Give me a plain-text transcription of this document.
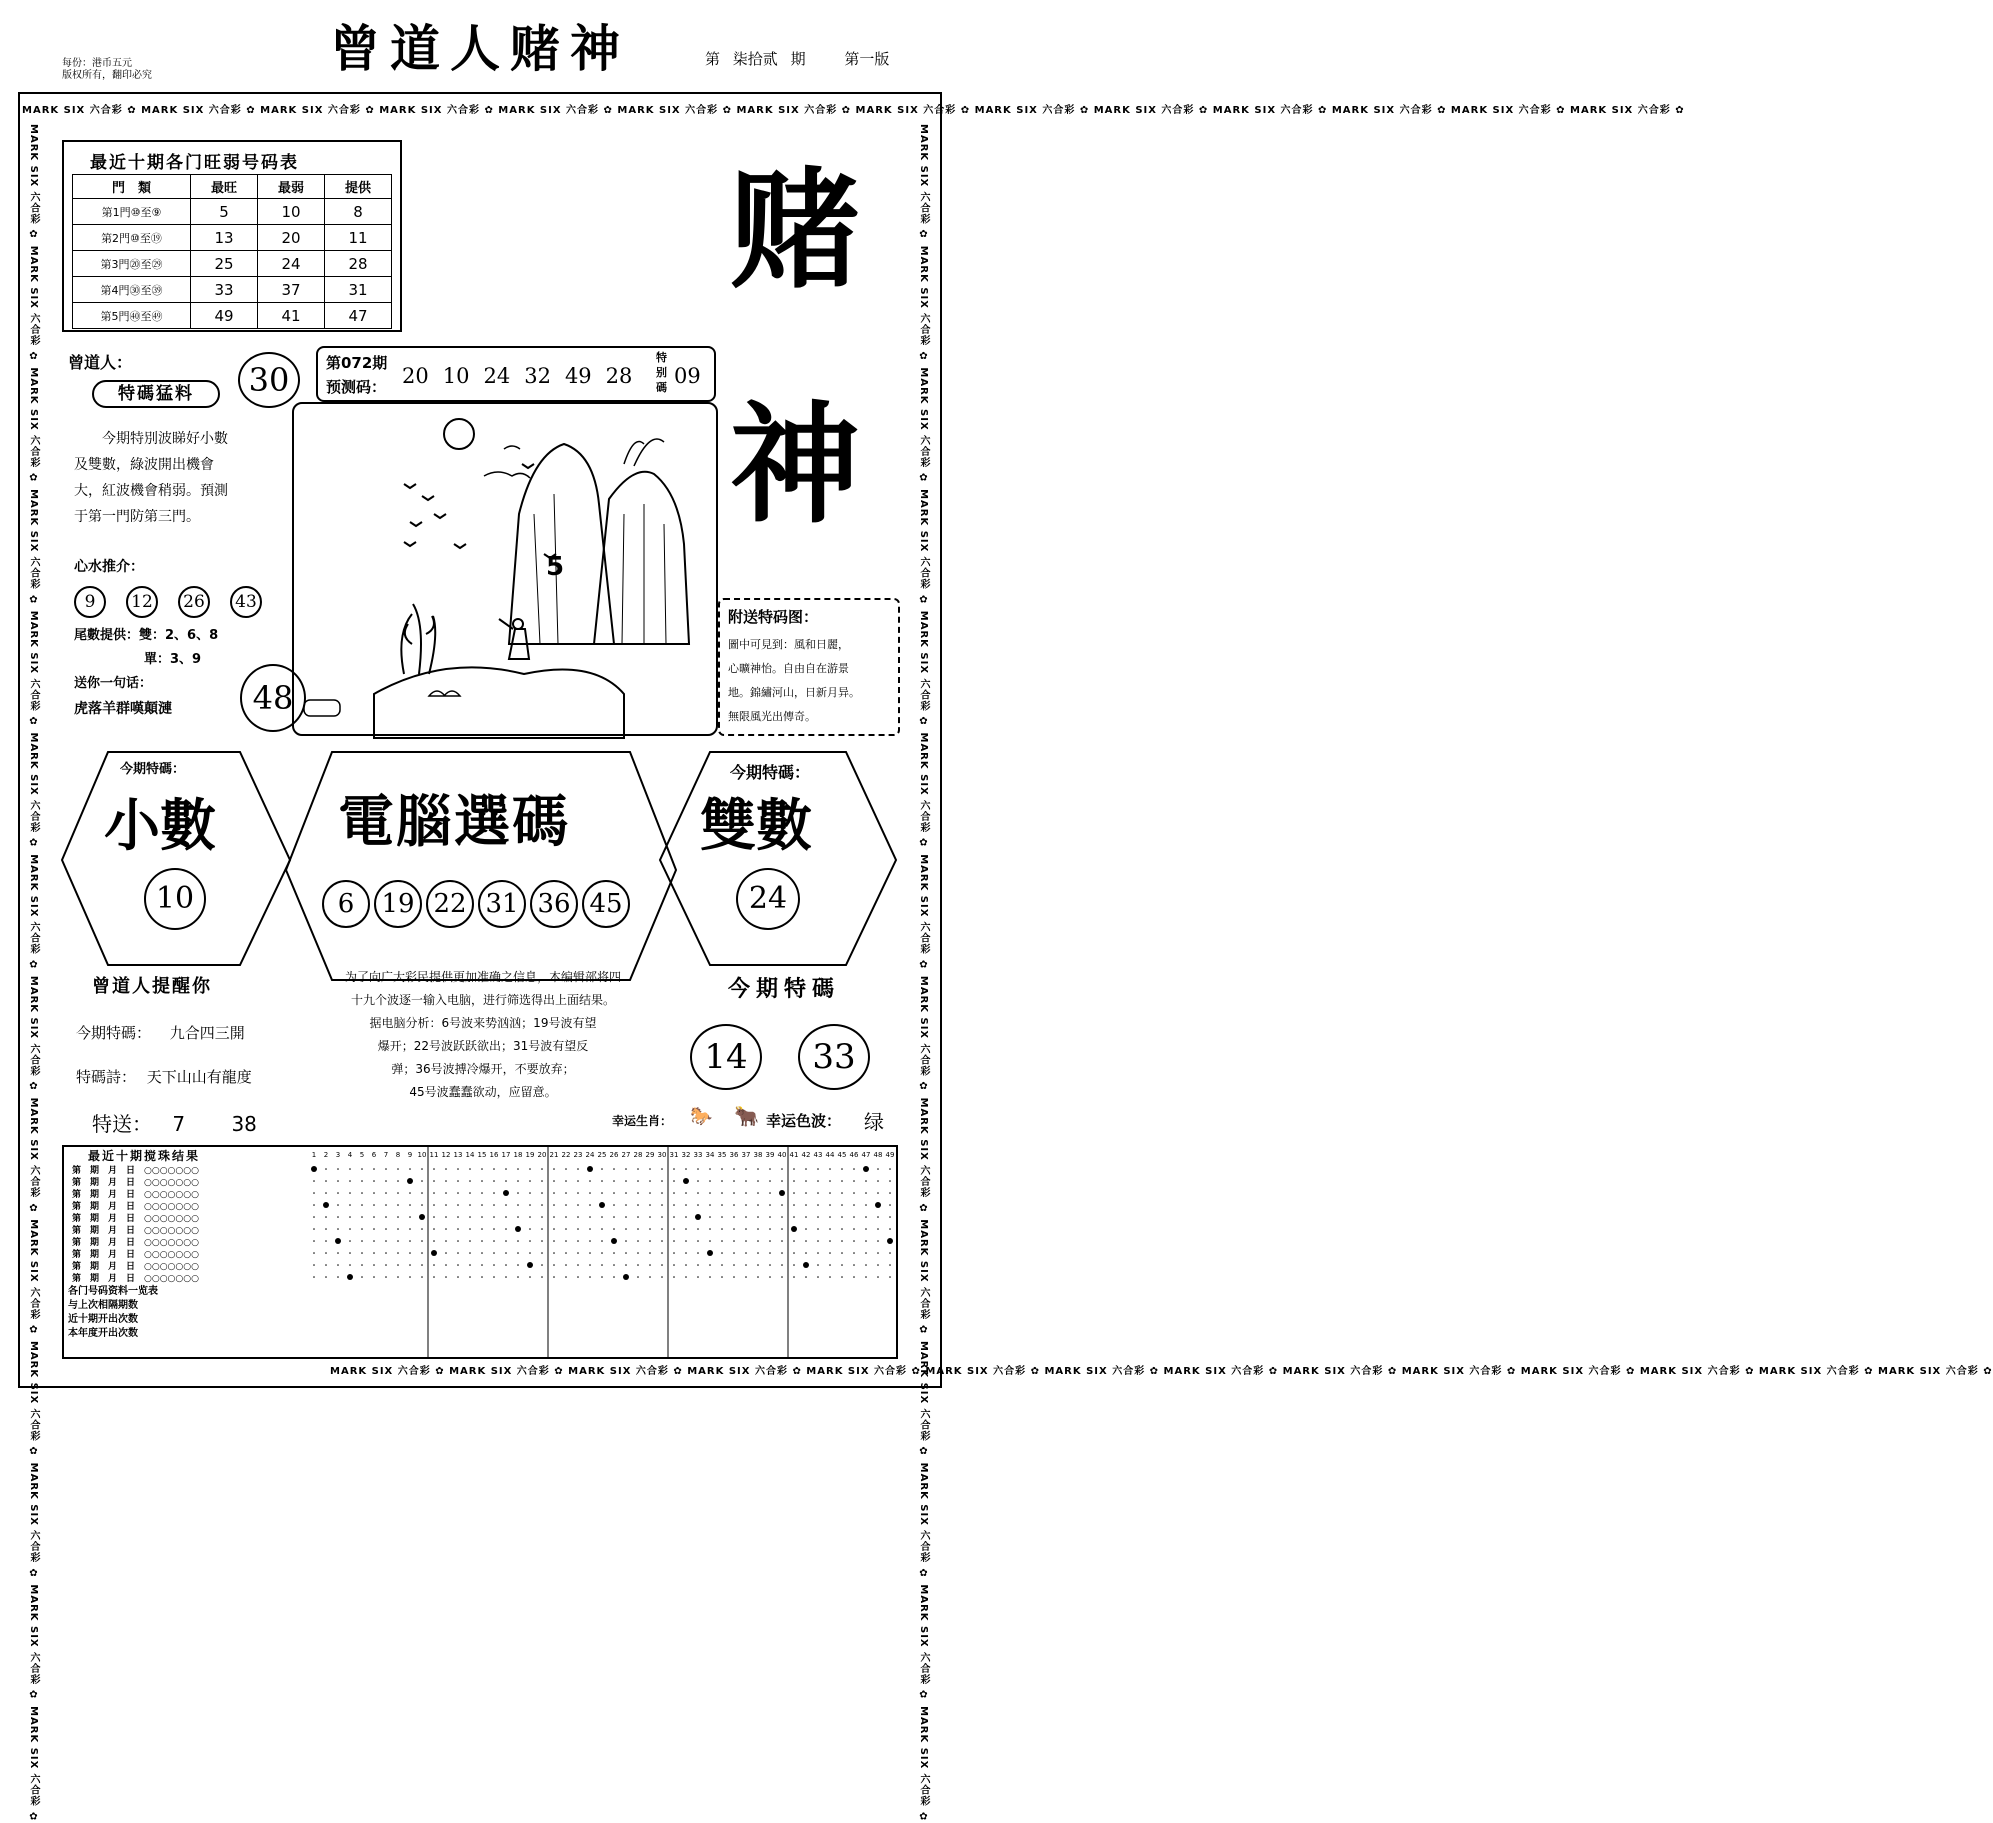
每份：港币五元
版权所有，翻印必究	曾道人赌神	第 柒拾贰 期	第一版
MARK SIX 六合彩 ✿ MARK SIX 六合彩 ✿ MARK SIX 六合彩 ✿ MARK SIX 六合彩 ✿ MARK SIX 六合彩 ✿ MARK SIX 六合彩 ✿ MARK SIX 六合彩 ✿ MARK SIX 六合彩 ✿ MARK SIX 六合彩 ✿ MARK SIX 六合彩 ✿ MARK SIX 六合彩 ✿ MARK SIX 六合彩 ✿ MARK SIX 六合彩 ✿ MARK SIX 六合彩 ✿
MARK SIX 六合彩 ✿ MARK SIX 六合彩 ✿ MARK SIX 六合彩 ✿ MARK SIX 六合彩 ✿ MARK SIX 六合彩 ✿ MARK SIX 六合彩 ✿ MARK SIX 六合彩 ✿ MARK SIX 六合彩 ✿ MARK SIX 六合彩 ✿ MARK SIX 六合彩 ✿ MARK SIX 六合彩 ✿ MARK SIX 六合彩 ✿ MARK SIX 六合彩 ✿ MARK SIX 六合彩 ✿
MARK SIX 六合彩 ✿ MARK SIX 六合彩 ✿ MARK SIX 六合彩 ✿ MARK SIX 六合彩 ✿ MARK SIX 六合彩 ✿ MARK SIX 六合彩 ✿ MARK SIX 六合彩 ✿ MARK SIX 六合彩 ✿ MARK SIX 六合彩 ✿ MARK SIX 六合彩 ✿ MARK SIX 六合彩 ✿ MARK SIX 六合彩 ✿ MARK SIX 六合彩 ✿ MARK SIX 六合彩 ✿	MARK SIX 六合彩 ✿ MARK SIX 六合彩 ✿ MARK SIX 六合彩 ✿ MARK SIX 六合彩 ✿ MARK SIX 六合彩 ✿ MARK SIX 六合彩 ✿ MARK SIX 六合彩 ✿ MARK SIX 六合彩 ✿ MARK SIX 六合彩 ✿ MARK SIX 六合彩 ✿ MARK SIX 六合彩 ✿ MARK SIX 六合彩 ✿ MARK SIX 六合彩 ✿ MARK SIX 六合彩 ✿
最近十期各门旺弱号码表
門　類	最旺	最弱	提供
第1門⑩至⑨	5	10	8
第2門⑩至⑲	13	20	11
第3門⑳至㉙	25	24	28
第4門㉚至㊴	33	37	31
第5門㊵至㊾	49	41	47
赌
神
曾道人：
特碼猛料
今期特別波睇好小數及雙數，綠波開出機會大，紅波機會稍弱。預測于第一門防第三門。
心水推介：
9	12	26	43
尾數提供：雙：2、6、8
單：3、9
送你一句话：
虎落羊群嘆顛漣
30
48
第072期
预测码： 20 10 24 32 49 28
特别碼 09
5
附送特码图：
圖中可見到：風和日麗，
心曠神怡。自由自在游景
地。錦繡河山，日新月异。
無限風光出傳奇。
今期特碼：
小數
10
電腦選碼
6	19 22 31 36 45
今期特碼：
雙數
24
曾道人提醒你
今期特碼： 九合四三開
特碼詩： 天下山山有龍度
特送： 7 38
为了向广大彩民提供更加准确之信息，本编辑部将四
十九个波逐一输入电脑，进行筛选得出上面结果。
据电脑分析：6号波来势汹汹；19号波有望
爆开；22号波跃跃欲出；31号波有望反
弹；36号波搏冷爆开，不要放弃；
45号波蠢蠢欲动，应留意。
今期特碼
14	33
幸运生肖： 🐎 🐂 幸运色波： 绿
最近十期搅珠结果
第　期　月　日　○○○○○○○
第　期　月　日　○○○○○○○
第　期　月　日　○○○○○○○
第　期　月　日　○○○○○○○
第　期　月　日　○○○○○○○
第　期　月　日　○○○○○○○
第　期　月　日　○○○○○○○
第　期　月　日　○○○○○○○
第　期　月　日　○○○○○○○
第　期　月　日　○○○○○○○
各门号码资料一览表
与上次相隔期数
近十期开出次数
本年度开出次数
1 2 3 4 5 6 7 8 9 10 11 12 13 14 15 16 17 18 19 20 21 22 23 24 25 26 27 28 29 30 31 32 33 34 35 36 37 38 39 40 41 42 43 44 45 46 47 48 49
